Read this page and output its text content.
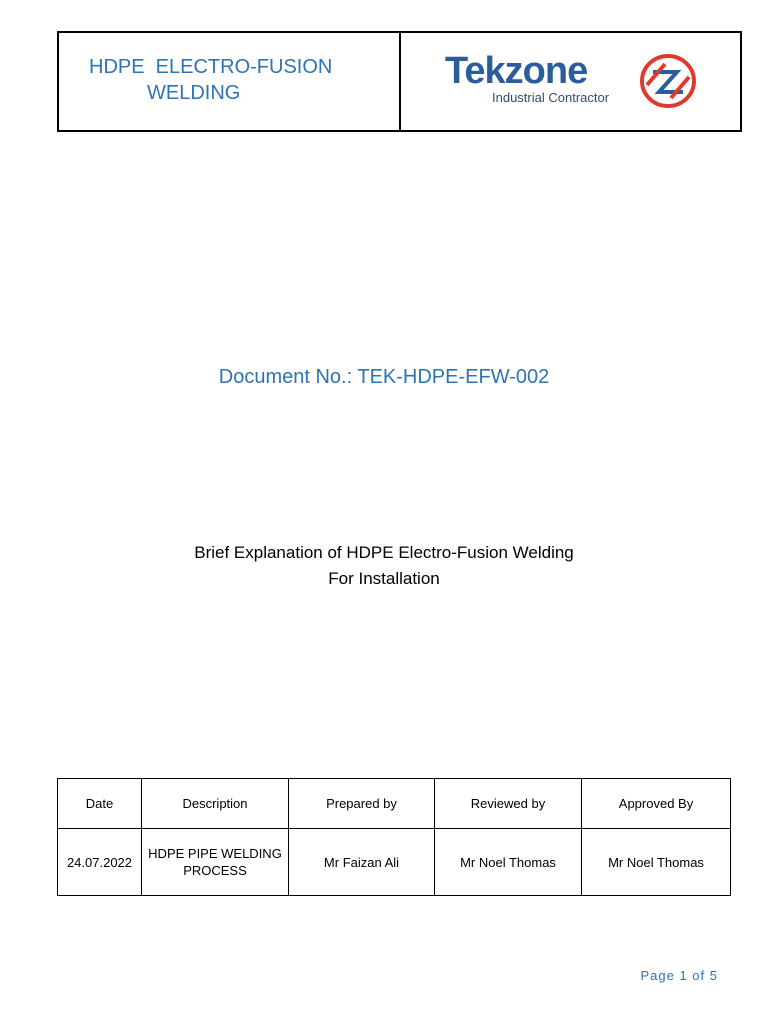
HDPE  ELECTRO-FUSION
WELDING
Tekzone
Industrial Contractor
Document No.: TEK-HDPE-EFW-002
Brief Explanation of HDPE Electro-Fusion Welding
For Installation
Date	Description	Prepared by	Reviewed by	Approved By
24.07.2022	HDPE PIPE WELDING PROCESS	Mr Faizan Ali	Mr Noel Thomas	Mr Noel Thomas
Page 1 of 5
